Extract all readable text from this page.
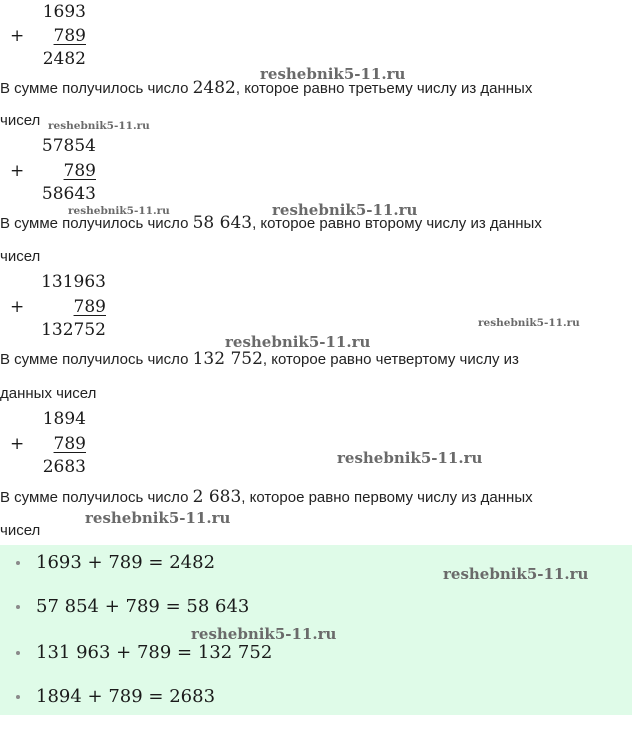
1693
+	789
2482
В сумме получилось число 2482, которое равно третьему числу из данных
чисел
57854
+	789
58643
В сумме получилось число 58 643, которое равно второму числу из данных
чисел
131963
+	789
132752
В сумме получилось число 132 752, которое равно четвертому числу из
данных чисел
1894
+	789
2683
В сумме получилось число 2 683, которое равно первому числу из данных
чисел
1693 + 789 = 2482
57 854 + 789 = 58 643
131 963 + 789 = 132 752
1894 + 789 = 2683
reshebnik5-11.ru
reshebnik5-11.ru
reshebnik5-11.ru	reshebnik5-11.ru
reshebnik5-11.ru
reshebnik5-11.ru
reshebnik5-11.ru
reshebnik5-11.ru
reshebnik5-11.ru
reshebnik5-11.ru
